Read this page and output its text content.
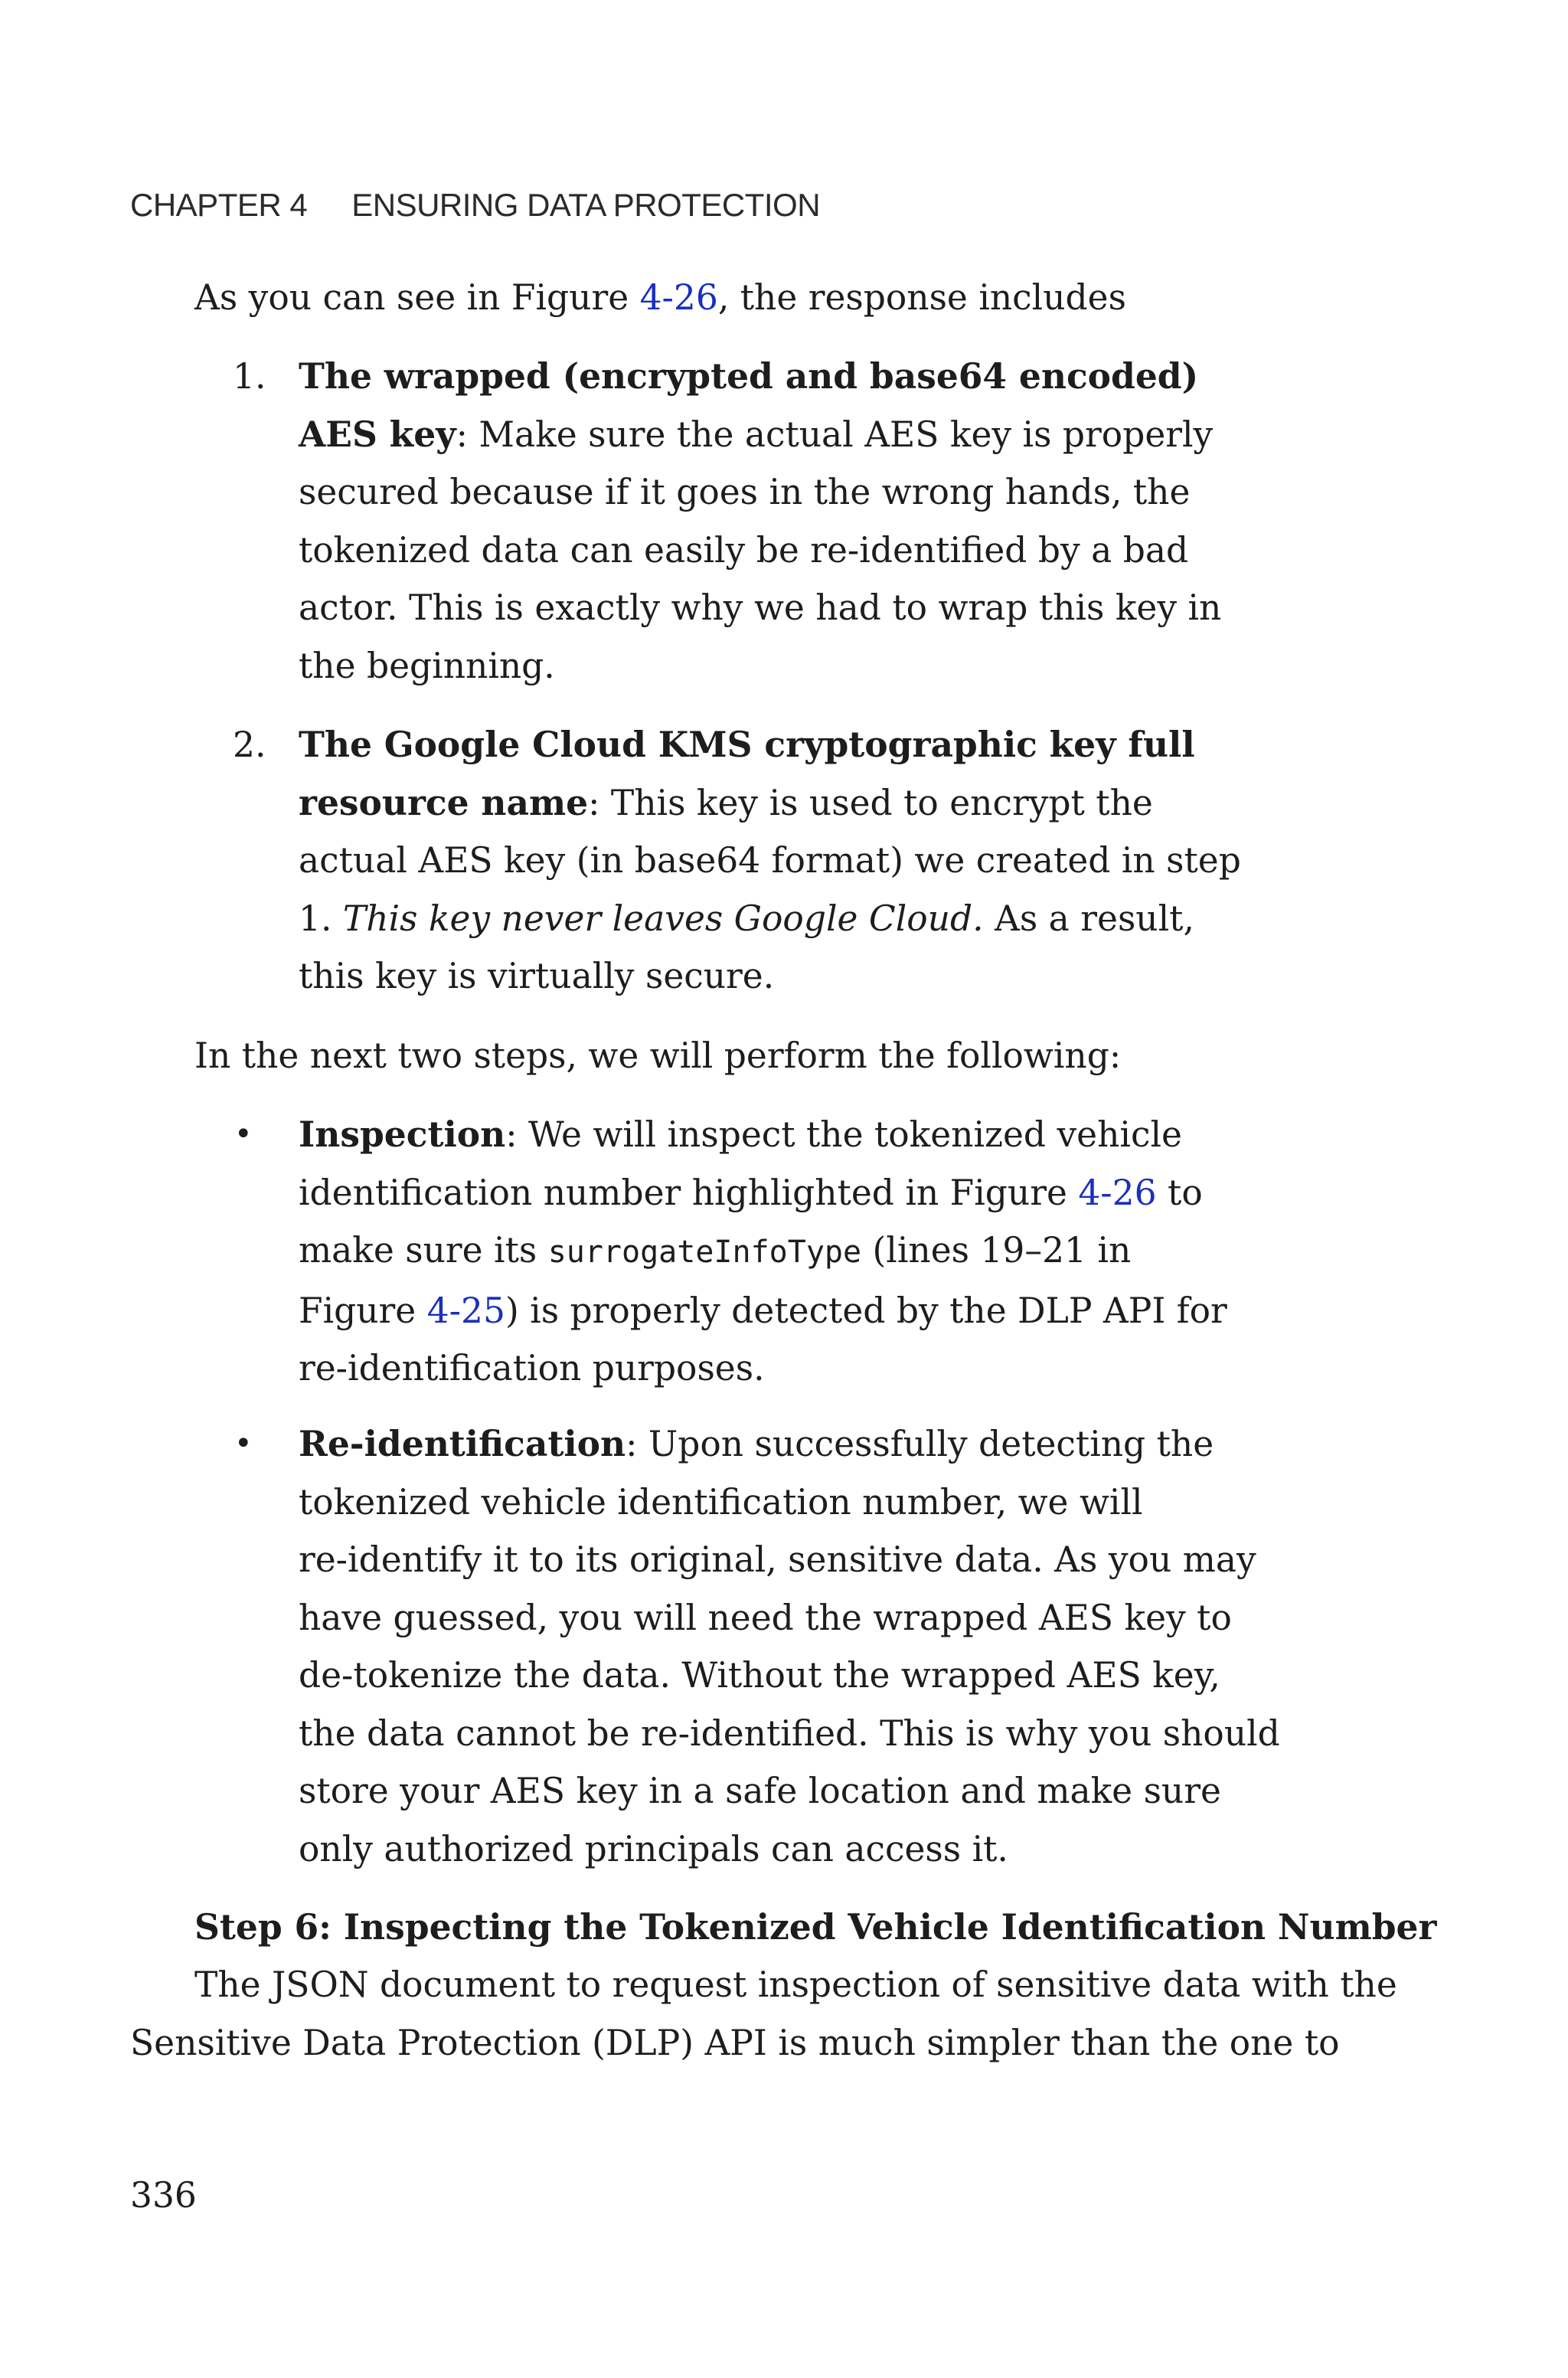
CHAPTER 4 ENSURING DATA PROTECTION
As you can see in Figure 4-26, the response includes
1. The wrapped (encrypted and base64 encoded)
AES key: Make sure the actual AES key is properly
secured because if it goes in the wrong hands, the
tokenized data can easily be re-identified by a bad
actor. This is exactly why we had to wrap this key in
the beginning.
2. The Google Cloud KMS cryptographic key full
resource name: This key is used to encrypt the
actual AES key (in base64 format) we created in step
1. This key never leaves Google Cloud. As a result,
this key is virtually secure.
In the next two steps, we will perform the following:
• Inspection: We will inspect the tokenized vehicle
identification number highlighted in Figure 4-26 to
make sure its surrogateInfoType (lines 19–21 in
Figure 4-25) is properly detected by the DLP API for
re-identification purposes.
• Re-identification: Upon successfully detecting the
tokenized vehicle identification number, we will
re-identify it to its original, sensitive data. As you may
have guessed, you will need the wrapped AES key to
de-tokenize the data. Without the wrapped AES key,
the data cannot be re-identified. This is why you should
store your AES key in a safe location and make sure
only authorized principals can access it.
Step 6: Inspecting the Tokenized Vehicle Identification Number
The JSON document to request inspection of sensitive data with the
Sensitive Data Protection (DLP) API is much simpler than the one to
336
